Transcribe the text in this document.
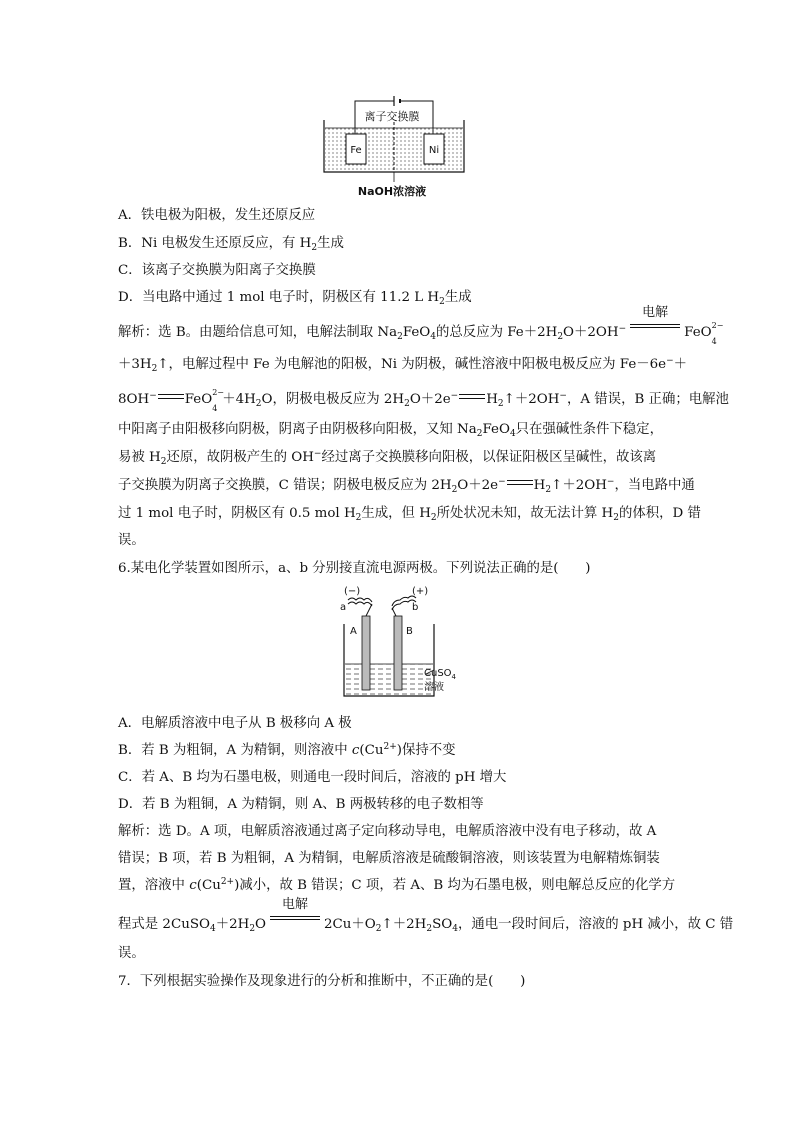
离子交换膜
Fe	Ni
NaOH浓溶液
A．铁电极为阳极，发生还原反应
B．Ni 电极发生还原反应，有 $H_2$生成
C．该离子交换膜为阳离子交换膜
D．当电路中通过 1 mol 电子时，阴极区有 11.2 L $H_2$生成
解析：选 B。由题给信息可知，电解法制取 $Na_2FeO_4$的总反应为 $Fe+2H_2O+2OH^-$
电解
FeO 2−
4
$+3H_2↑$，电解过程中 Fe 为电解池的阳极，Ni 为阴极，碱性溶液中阳极电极反应为 Fe－6e−＋
8OH− FeO 2−
4
$+4H_2O$，阴极电极反应为 $2H_2O+2e^-$ $H_2↑+2OH^-$，A 错误，B 正确；电解池
中阳离子由阳极移向阴极，阴离子由阴极移向阳极，又知 $Na_2FeO_4$只在强碱性条件下稳定，
易被 $H_2$还原，故阴极产生的 OH−经过离子交换膜移向阳极，以保证阳极区呈碱性，故该离
子交换膜为阴离子交换膜，C 错误；阴极电极反应为 $2H_2O+2e^-$ $H_2↑+2OH^-$，当电路中通
过 1 mol 电子时，阴极区有 0.5 mol $H_2$生成，但 $H_2$所处状况未知，故无法计算 $H_2$的体积，D 错
误。
6.某电化学装置如图所示，a、b 分别接直流电源两极。下列说法正确的是(　　)
(−)	(+)
a	b
A	B
CuSO$_4$
溶液
A．电解质溶液中电子从 B 极移向 A 极
B．若 B 为粗铜，A 为精铜，则溶液中 $c(Cu^{2+})$保持不变
C．若 A、B 均为石墨电极，则通电一段时间后，溶液的 pH 增大
D．若 B 为粗铜，A 为精铜，则 A、B 两极转移的电子数相等
解析：选 D。A 项，电解质溶液通过离子定向移动导电，电解质溶液中没有电子移动，故 A
错误；B 项，若 B 为粗铜，A 为精铜，电解质溶液是硫酸铜溶液，则该装置为电解精炼铜装
置，溶液中 $c(Cu^{2+})$减小，故 B 错误；C 项，若 A、B 均为石墨电极，则电解总反应的化学方
程式是 $2CuSO_4+2H_2O$
电解
$2Cu+O_2↑+2H_2SO_4$，通电一段时间后，溶液的 pH 减小，故 C 错
误。
7．下列根据实验操作及现象进行的分析和推断中，不正确的是(　　)
